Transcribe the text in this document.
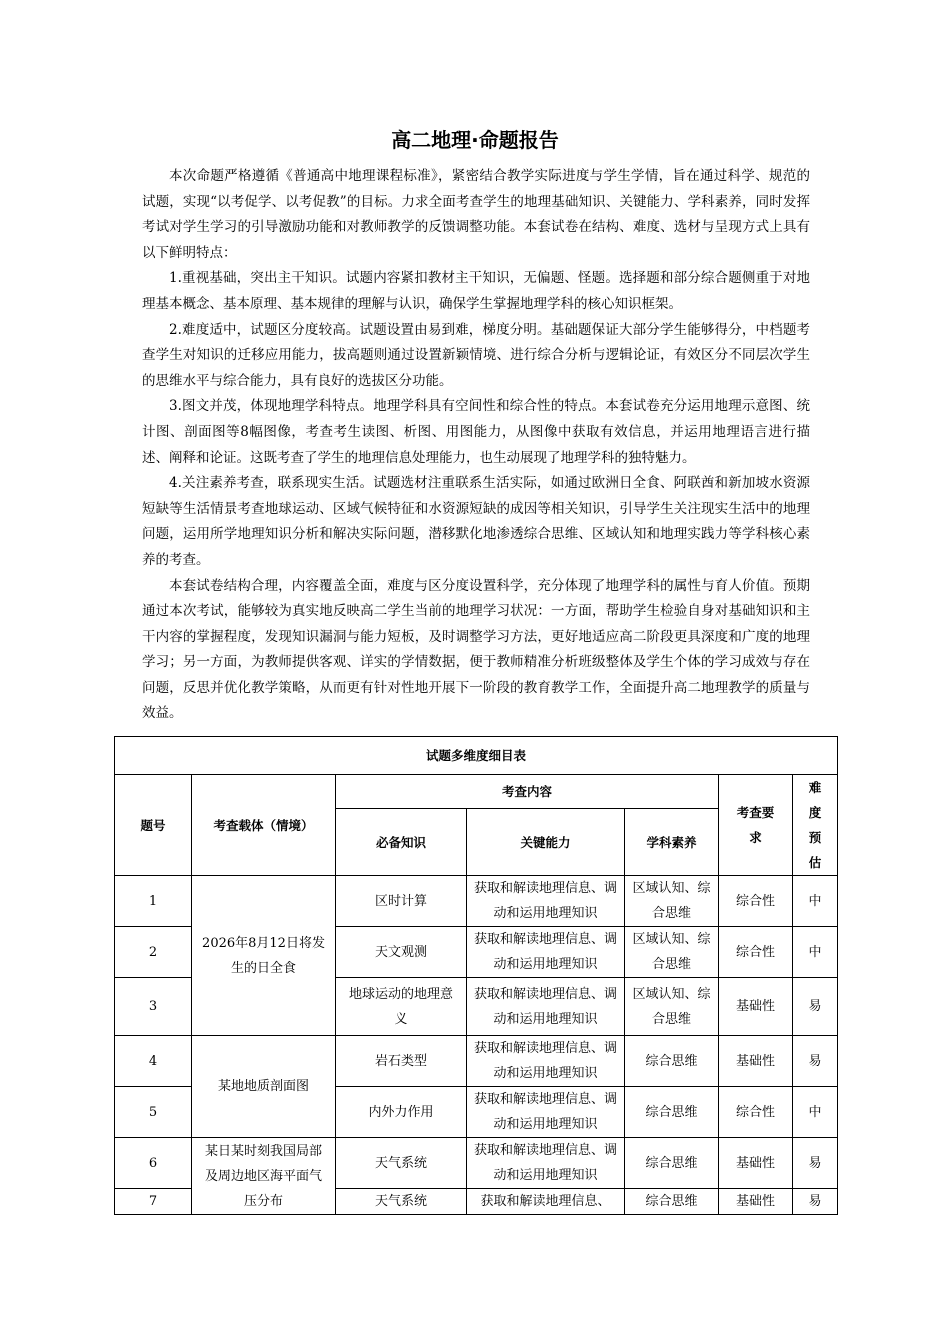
高二地理·命题报告

本次命题严格遵循《普通高中地理课程标准》，紧密结合教学实际进度与学生学情，旨在通过科学、规范的试题，实现“以考促学、以考促教”的目标。力求全面考查学生的地理基础知识、关键能力、学科素养，同时发挥考试对学生学习的引导激励功能和对教师教学的反馈调整功能。本套试卷在结构、难度、选材与呈现方式上具有以下鲜明特点：

1.重视基础，突出主干知识。试题内容紧扣教材主干知识，无偏题、怪题。选择题和部分综合题侧重于对地理基本概念、基本原理、基本规律的理解与认识，确保学生掌握地理学科的核心知识框架。

2.难度适中，试题区分度较高。试题设置由易到难，梯度分明。基础题保证大部分学生能够得分，中档题考查学生对知识的迁移应用能力，拔高题则通过设置新颖情境、进行综合分析与逻辑论证，有效区分不同层次学生的思维水平与综合能力，具有良好的选拔区分功能。

3.图文并茂，体现地理学科特点。地理学科具有空间性和综合性的特点。本套试卷充分运用地理示意图、统计图、剖面图等8幅图像，考查考生读图、析图、用图能力，从图像中获取有效信息，并运用地理语言进行描述、阐释和论证。这既考查了学生的地理信息处理能力，也生动展现了地理学科的独特魅力。

4.关注素养考查，联系现实生活。试题选材注重联系生活实际，如通过欧洲日全食、阿联酋和新加坡水资源短缺等生活情景考查地球运动、区域气候特征和水资源短缺的成因等相关知识，引导学生关注现实生活中的地理问题，运用所学地理知识分析和解决实际问题，潜移默化地渗透综合思维、区域认知和地理实践力等学科核心素养的考查。

本套试卷结构合理，内容覆盖全面，难度与区分度设置科学，充分体现了地理学科的属性与育人价值。预期通过本次考试，能够较为真实地反映高二学生当前的地理学习状况：一方面，帮助学生检验自身对基础知识和主干内容的掌握程度，发现知识漏洞与能力短板，及时调整学习方法，更好地适应高二阶段更具深度和广度的地理学习；另一方面，为教师提供客观、详实的学情数据，便于教师精准分析班级整体及学生个体的学习成效与存在问题，反思并优化教学策略，从而更有针对性地开展下一阶段的教育教学工作，全面提升高二地理教学的质量与效益。

试题多维度细目表						
题号	考查载体（情境）	考查内容			考查要求	难度预估

		必备知识	关键能力	学科素养		
1	2026年8月12日将发生的日全食	区时计算	获取和解读地理信息、调动和运用地理知识	区域认知、综合思维	综合性	中
2		天文观测	获取和解读地理信息、调动和运用地理知识	区域认知、综合思维	综合性	中
3		地球运动的地理意义	获取和解读地理信息、调动和运用地理知识	区域认知、综合思维	基础性	易
4	某地地质剖面图	岩石类型	获取和解读地理信息、调动和运用地理知识	综合思维	基础性	易
5		内外力作用	获取和解读地理信息、调动和运用地理知识	综合思维	综合性	中
6	某日某时刻我国局部及周边地区海平面气压分布	天气系统	获取和解读地理信息、调动和运用地理知识	综合思维	基础性	易
7		天气系统	获取和解读地理信息、	综合思维	基础性	易
